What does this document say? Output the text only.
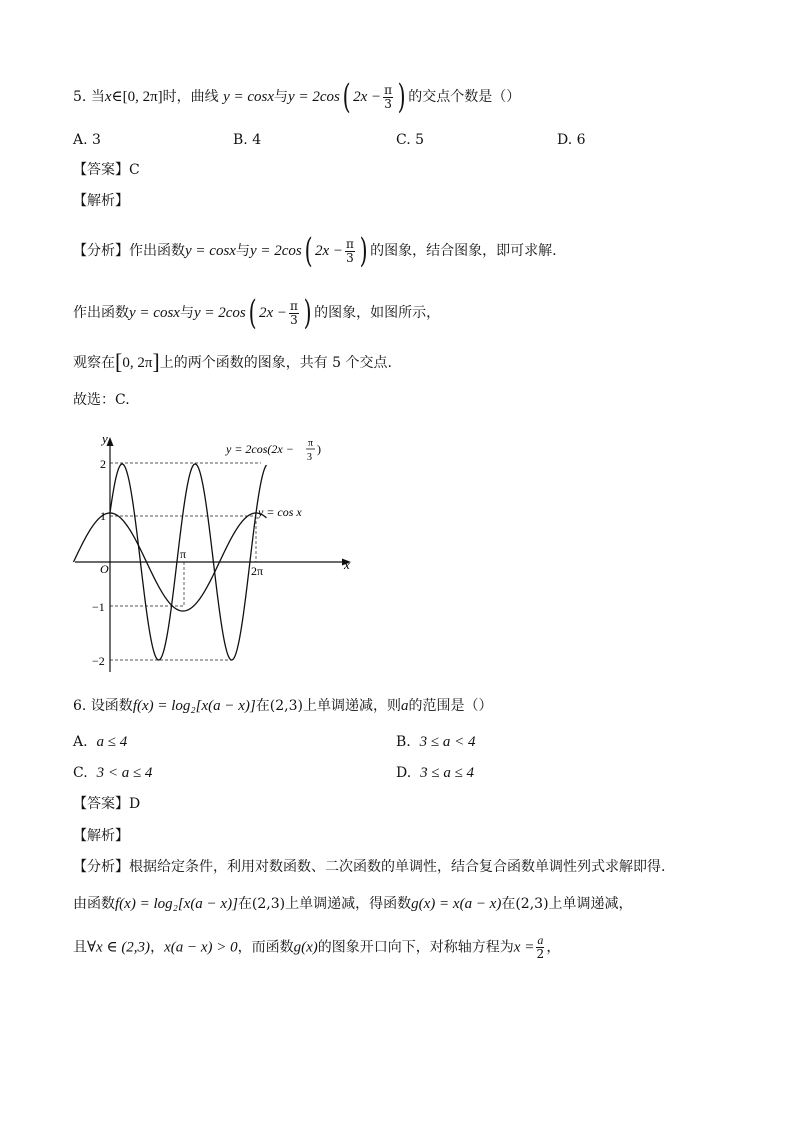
5. 当x∈[0, 2π]时，曲线 y = cosx与y = 2cos( $2x - \frac{\pi}{3}$ ) 的交点个数是（）
A. 3	B. 4	C. 5	D. 6
【答案】C
【解析】
【分析】作出函数y = cosx与y = 2cos( $2x - \frac{\pi}{3}$ ) 的图象，结合图象，即可求解.
作出函数y = cosx与y = 2cos( $2x - \frac{\pi}{3}$ ) 的图象，如图所示，
观察在[0, 2π]上的两个函数的图象，共有 5 个交点.
故选：C.
y
x
O
2
1
−1
−2
π
2π
y = 2cos(2x − π
3
)
y = cos x
6. 设函数f(x) = log₂[x(a − x)]在(2,3)上单调递减，则a的范围是（）
A. a ≤ 4	B. 3 ≤ a < 4
C. 3 < a ≤ 4	D. 3 ≤ a ≤ 4
【答案】D
【解析】
【分析】根据给定条件，利用对数函数、二次函数的单调性，结合复合函数单调性列式求解即得.
由函数f(x) = log₂[x(a − x)]在(2,3)上单调递减，得函数g(x) = x(a − x)在(2,3)上单调递减，
且∀x ∈ (2,3)，x(a − x) > 0，而函数g(x)的图象开口向下，对称轴方程为$x = \frac{a}{2}$ ，
